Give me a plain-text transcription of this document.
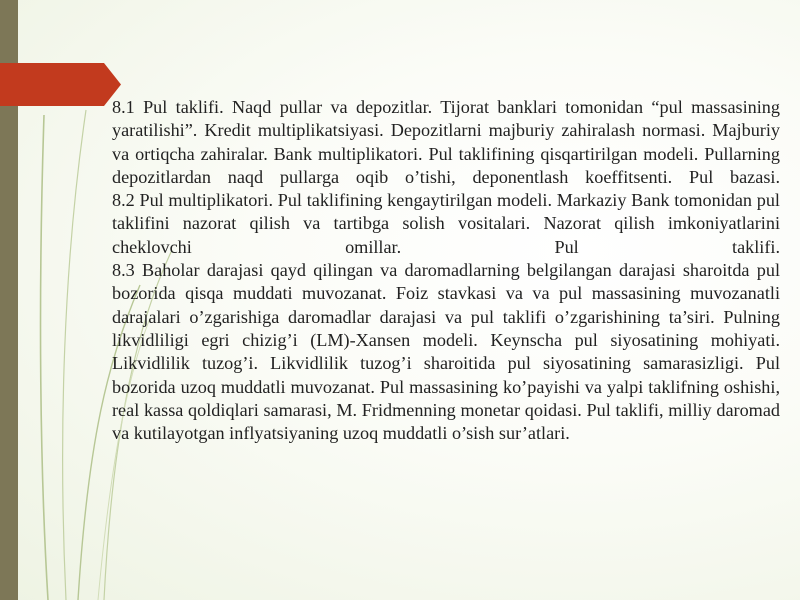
8.1 Pul taklifi. Naqd pullar va depozitlar. Tijorat banklari tomonidan “pul massasining yaratilishi”. Kredit multiplikatsiyasi. Depozitlarni majburiy zahiralash normasi. Majburiy va ortiqcha zahiralar. Bank multiplikatori. Pul taklifining qisqartirilgan modeli. Pullarning depozitlardan naqd pullarga oqib o’tishi, deponentlash koeffitsenti. Pul bazasi.

8.2 Pul multiplikatori. Pul taklifining kengaytirilgan modeli. Markaziy Bank tomonidan pul taklifini nazorat qilish va tartibga solish vositalari. Nazorat qilish imkoniyatlarini cheklovchi omillar. Pul taklifi.

8.3 Baholar darajasi qayd qilingan va daromadlarning belgilangan darajasi sharoitda pul bozorida qisqa muddati muvozanat. Foiz stavkasi va va pul massasining muvozanatli darajalari o’zgarishiga daromadlar darajasi va pul taklifi o’zgarishining ta’siri. Pulning likvidliligi egri chizig’i (LM)-Xansen modeli. Keynscha pul siyosatining mohiyati. Likvidlilik tuzog’i. Likvidlilik tuzog’i sharoitida pul siyosatining samarasizligi. Pul bozorida uzoq muddatli muvozanat. Pul massasining ko’payishi va yalpi taklifning oshishi, real kassa qoldiqlari samarasi, M. Fridmenning monetar qoidasi. Pul taklifi, milliy daromad va kutilayotgan inflyatsiyaning uzoq muddatli o’sish sur’atlari.
